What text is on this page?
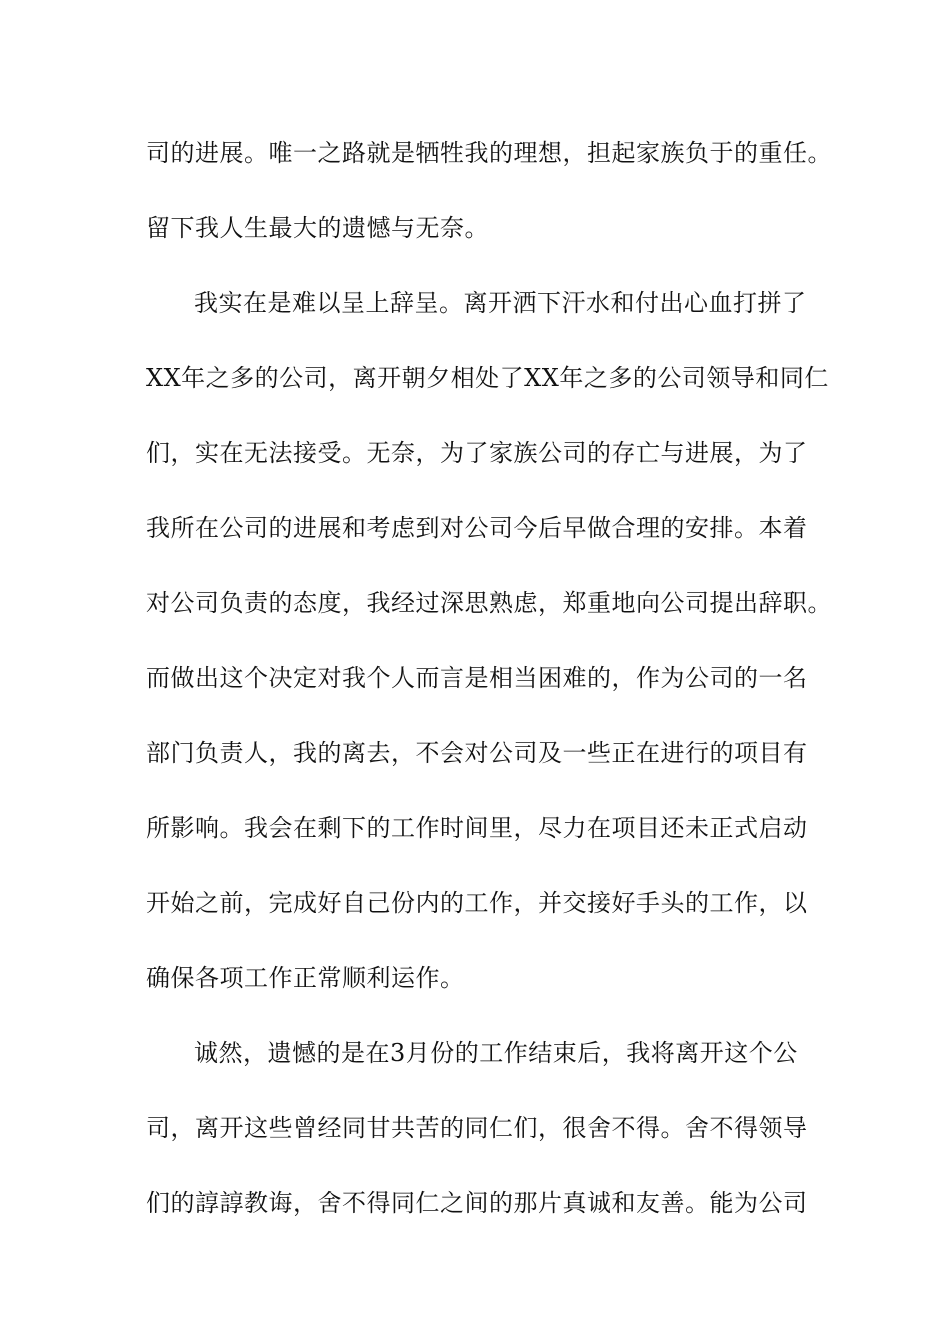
司的进展。唯一之路就是牺牲我的理想，担起家族负于的重任。
留下我人生最大的遗憾与无奈。
我实在是难以呈上辞呈。离开洒下汗水和付出心血打拼了
XX年之多的公司，离开朝夕相处了XX年之多的公司领导和同仁
们，实在无法接受。无奈，为了家族公司的存亡与进展，为了
我所在公司的进展和考虑到对公司今后早做合理的安排。本着
对公司负责的态度，我经过深思熟虑，郑重地向公司提出辞职。
而做出这个决定对我个人而言是相当困难的，作为公司的一名
部门负责人，我的离去，不会对公司及一些正在进行的项目有
所影响。我会在剩下的工作时间里，尽力在项目还未正式启动
开始之前，完成好自己份内的工作，并交接好手头的工作，以
确保各项工作正常顺利运作。
诚然，遗憾的是在3月份的工作结束后，我将离开这个公
司，离开这些曾经同甘共苦的同仁们，很舍不得。舍不得领导
们的諄諄教诲，舍不得同仁之间的那片真诚和友善。能为公司
